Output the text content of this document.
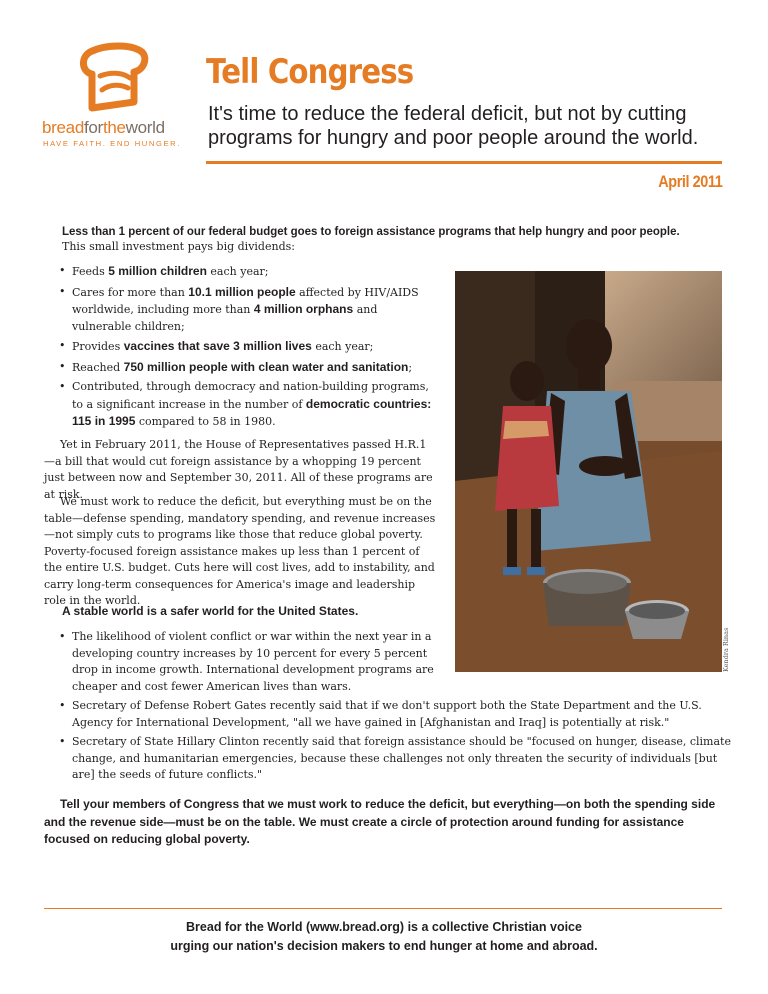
breadfortheworld
HAVE FAITH. END HUNGER.
Tell Congress

It's time to reduce the federal deficit, but not by cutting programs for hungry and poor people around the world.

April 2011

Less than 1 percent of our federal budget goes to foreign assistance programs that help hungry and poor people.

This small investment pays big dividends:

• Feeds 5 million children each year;
• Cares for more than 10.1 million people affected by HIV/AIDS worldwide, including more than 4 million orphans and vulnerable children;
• Provides vaccines that save 3 million lives each year;
• Reached 750 million people with clean water and sanitation;
• Contributed, through democracy and nation-building programs, to a significant increase in the number of democratic countries: 115 in 1995 compared to 58 in 1980.

Yet in February 2011, the House of Representatives passed H.R.1—a bill that would cut foreign assistance by a whopping 19 percent just between now and September 30, 2011. All of these programs are at risk.

We must work to reduce the deficit, but everything must be on the table—defense spending, mandatory spending, and revenue increases—not simply cuts to programs like those that reduce global poverty. Poverty-focused foreign assistance makes up less than 1 percent of the entire U.S. budget. Cuts here will cost lives, add to instability, and carry long-term consequences for America's image and leadership role in the world.

A stable world is a safer world for the United States.

• The likelihood of violent conflict or war within the next year in a developing country increases by 10 percent for every 5 percent drop in income growth. International development programs are cheaper and cost fewer American lives than wars.
• Secretary of Defense Robert Gates recently said that if we don't support both the State Department and the U.S. Agency for International Development, "all we have gained in [Afghanistan and Iraq] is potentially at risk."
• Secretary of State Hillary Clinton recently said that foreign assistance should be "focused on hunger, disease, climate change, and humanitarian emergencies, because these challenges not only threaten the security of individuals [but are] the seeds of future conflicts."

Tell your members of Congress that we must work to reduce the deficit, but everything—on both the spending side and the revenue side—must be on the table. We must create a circle of protection around funding for assistance focused on reducing global poverty.

Kendra Rinas

Bread for the World (www.bread.org) is a collective Christian voice
urging our nation's decision makers to end hunger at home and abroad.
